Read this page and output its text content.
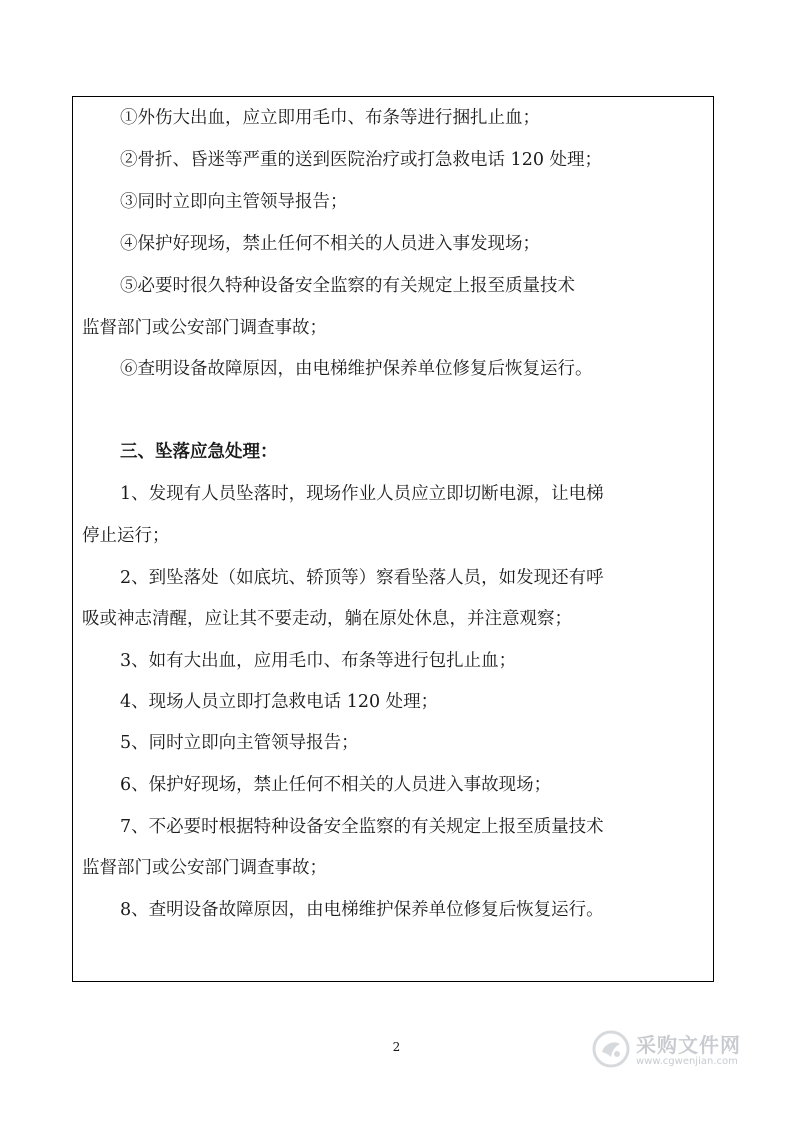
①外伤大出血，应立即用毛巾、布条等进行捆扎止血；
②骨折、昏迷等严重的送到医院治疗或打急救电话 120 处理；
③同时立即向主管领导报告；
④保护好现场，禁止任何不相关的人员进入事发现场；
⑤必要时很久特种设备安全监察的有关规定上报至质量技术
监督部门或公安部门调查事故；
⑥查明设备故障原因，由电梯维护保养单位修复后恢复运行。
三、坠落应急处理：
1、发现有人员坠落时，现场作业人员应立即切断电源，让电梯
停止运行；
2、到坠落处（如底坑、轿顶等）察看坠落人员，如发现还有呼
吸或神志清醒，应让其不要走动，躺在原处休息，并注意观察；
3、如有大出血，应用毛巾、布条等进行包扎止血；
4、现场人员立即打急救电话 120 处理；
5、同时立即向主管领导报告；
6、保护好现场，禁止任何不相关的人员进入事故现场；
7、不必要时根据特种设备安全监察的有关规定上报至质量技术
监督部门或公安部门调查事故；
8、查明设备故障原因，由电梯维护保养单位修复后恢复运行。
2	采购文件网
www.cgwenjian.com
